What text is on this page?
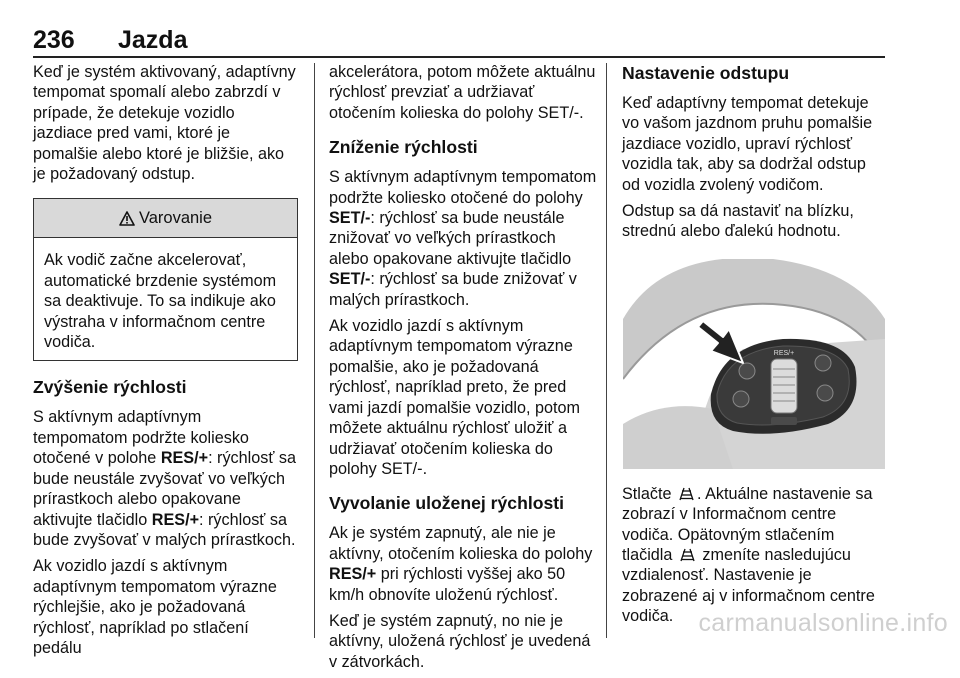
236 Jazda

Keď je systém aktivovaný, adaptívny tempomat spomalí alebo zabrzdí v prípade, že detekuje vozidlo jazdiace pred vami, ktoré je pomalšie alebo ktoré je bližšie, ako je požadovaný odstup.

Varovanie
Ak vodič začne akcelerovať, automatické brzdenie systémom sa deaktivuje. To sa indikuje ako výstraha v informačnom centre vodiča.
Zvýšenie rýchlosti

S aktívnym adaptívnym tempomatom podržte koliesko otočené v polohe RES/+: rýchlosť sa bude neustále zvyšovať vo veľkých prírastkoch alebo opakovane aktivujte tlačidlo RES/+: rýchlosť sa bude zvyšovať v malých prírastkoch.

Ak vozidlo jazdí s aktívnym adaptívnym tempomatom výrazne rýchlejšie, ako je požadovaná rýchlosť, napríklad po stlačení pedálu

akcelerátora, potom môžete aktuálnu rýchlosť prevziať a udržiavať otočením kolieska do polohy SET/-.

Zníženie rýchlosti

S aktívnym adaptívnym tempomatom podržte koliesko otočené do polohy SET/-: rýchlosť sa bude neustále znižovať vo veľkých prírastkoch alebo opakovane aktivujte tlačidlo SET/-: rýchlosť sa bude znižovať v malých prírastkoch.

Ak vozidlo jazdí s aktívnym adaptívnym tempomatom výrazne pomalšie, ako je požadovaná rýchlosť, napríklad preto, že pred vami jazdí pomalšie vozidlo, potom môžete aktuálnu rýchlosť uložiť a udržiavať otočením kolieska do polohy SET/-.

Vyvolanie uloženej rýchlosti

Ak je systém zapnutý, ale nie je aktívny, otočením kolieska do polohy RES/+ pri rýchlosti vyššej ako 50 km/h obnovíte uloženú rýchlosť.

Keď je systém zapnutý, no nie je aktívny, uložená rýchlosť je uvedená v zátvorkách.

Nastavenie odstupu

Keď adaptívny tempomat detekuje vo vašom jazdnom pruhu pomalšie jazdiace vozidlo, upraví rýchlosť vozidla tak, aby sa dodržal odstup od vozidla zvolený vodičom.

Odstup sa dá nastaviť na blízku, strednú alebo ďalekú hodnotu.

RES/+

Stlačte . Aktuálne nastavenie sa zobrazí v Informačnom centre vodiča. Opätovným stlačením tlačidla  zmeníte nasledujúcu vzdialenosť. Nastavenie je zobrazené aj v informačnom centre vodiča.	carmanualsonline.info
